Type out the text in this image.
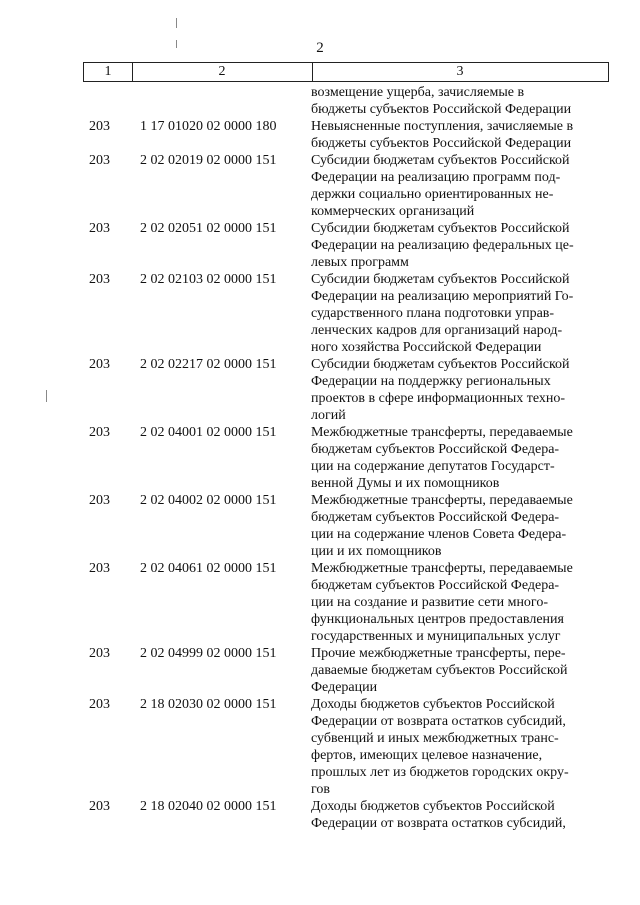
2
1	2	3
возмещение ущерба, зачисляемые в
бюджеты субъектов Российской Федерации
203	1 17 01020 02 0000 180	Невыясненные поступления, зачисляемые в
бюджеты субъектов Российской Федерации
203	2 02 02019 02 0000 151	Субсидии бюджетам субъектов Российской
Федерации на реализацию программ под-
держки социально ориентированных не-
коммерческих организаций
203	2 02 02051 02 0000 151	Субсидии бюджетам субъектов Российской
Федерации на реализацию федеральных це-
левых программ
203	2 02 02103 02 0000 151	Субсидии бюджетам субъектов Российской
Федерации на реализацию мероприятий Го-
сударственного плана подготовки управ-
ленческих кадров для организаций народ-
ного хозяйства Российской Федерации
203	2 02 02217 02 0000 151	Субсидии бюджетам субъектов Российской
Федерации на поддержку региональных
проектов в сфере информационных техно-
логий
203	2 02 04001 02 0000 151	Межбюджетные трансферты, передаваемые
бюджетам субъектов Российской Федера-
ции на содержание депутатов Государст-
венной Думы и их помощников
203	2 02 04002 02 0000 151	Межбюджетные трансферты, передаваемые
бюджетам субъектов Российской Федера-
ции на содержание членов Совета Федера-
ции и их помощников
203	2 02 04061 02 0000 151	Межбюджетные трансферты, передаваемые
бюджетам субъектов Российской Федера-
ции на создание и развитие сети много-
функциональных центров предоставления
государственных и муниципальных услуг
203	2 02 04999 02 0000 151	Прочие межбюджетные трансферты, пере-
даваемые бюджетам субъектов Российской
Федерации
203	2 18 02030 02 0000 151	Доходы бюджетов субъектов Российской
Федерации от возврата остатков субсидий,
субвенций и иных межбюджетных транс-
фертов, имеющих целевое назначение,
прошлых лет из бюджетов городских окру-
гов
203	2 18 02040 02 0000 151	Доходы бюджетов субъектов Российской
Федерации от возврата остатков субсидий,
